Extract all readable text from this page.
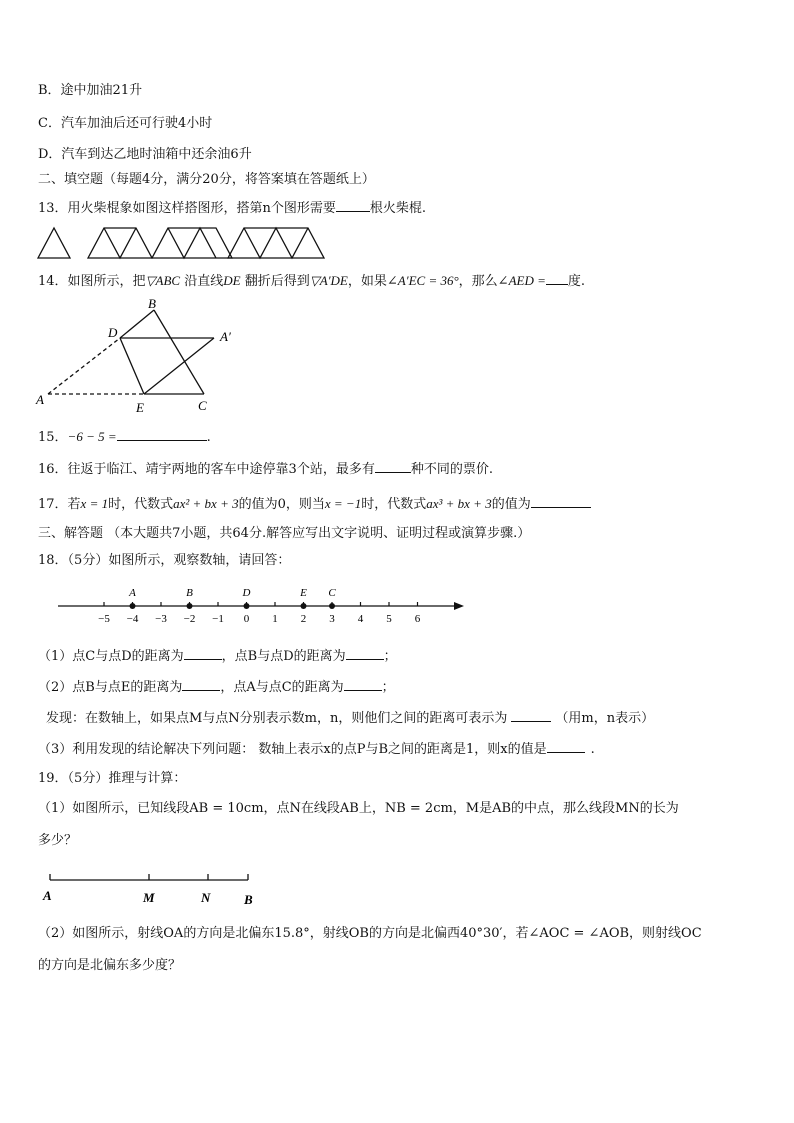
B．途中加油21升
C．汽车加油后还可行驶4小时
D．汽车到达乙地时油箱中还余油6升
二、填空题（每题4分，满分20分，将答案填在答题纸上）
13．用火柴棍象如图这样搭图形，搭第n个图形需要	根火柴棍.
14．如图所示，把▽ABC 沿直线DE 翻折后得到▽A′DE，如果∠A′EC = 36°，那么∠AED = 度.
B
D	A′
A
E	C
15．−6 − 5 =	.
16．往返于临江、靖宇两地的客车中途停靠3个站，最多有	种不同的票价.
17．若x = 1时，代数式ax² + bx + 3的值为0，则当x = −1时，代数式ax³ + bx + 3的值为
三、解答题 （本大题共7小题，共64分.解答应写出文字说明、证明过程或演算步骤.）
18．（5分）如图所示，观察数轴，请回答：
−5 −4 −3 −2 −1 0 1 2 3 4 5 6
A	B	D	E C
（1）点C与点D的距离为	，点B与点D的距离为	；
（2）点B与点E的距离为	，点A与点C的距离为	；
发现：在数轴上，如果点M与点N分别表示数m，n，则他们之间的距离可表示为	（用m，n表示）
（3）利用发现的结论解决下列问题： 数轴上表示x的点P与B之间的距离是1，则x的值是	.
19．（5分）推理与计算：
（1）如图所示，已知线段AB = 10cm，点N在线段AB上，NB = 2cm，M是AB的中点，那么线段MN的长为
多少？
A	M	N	B
（2）如图所示，射线OA的方向是北偏东15.8°，射线OB的方向是北偏西40°30′，若∠AOC = ∠AOB，则射线OC
的方向是北偏东多少度？
